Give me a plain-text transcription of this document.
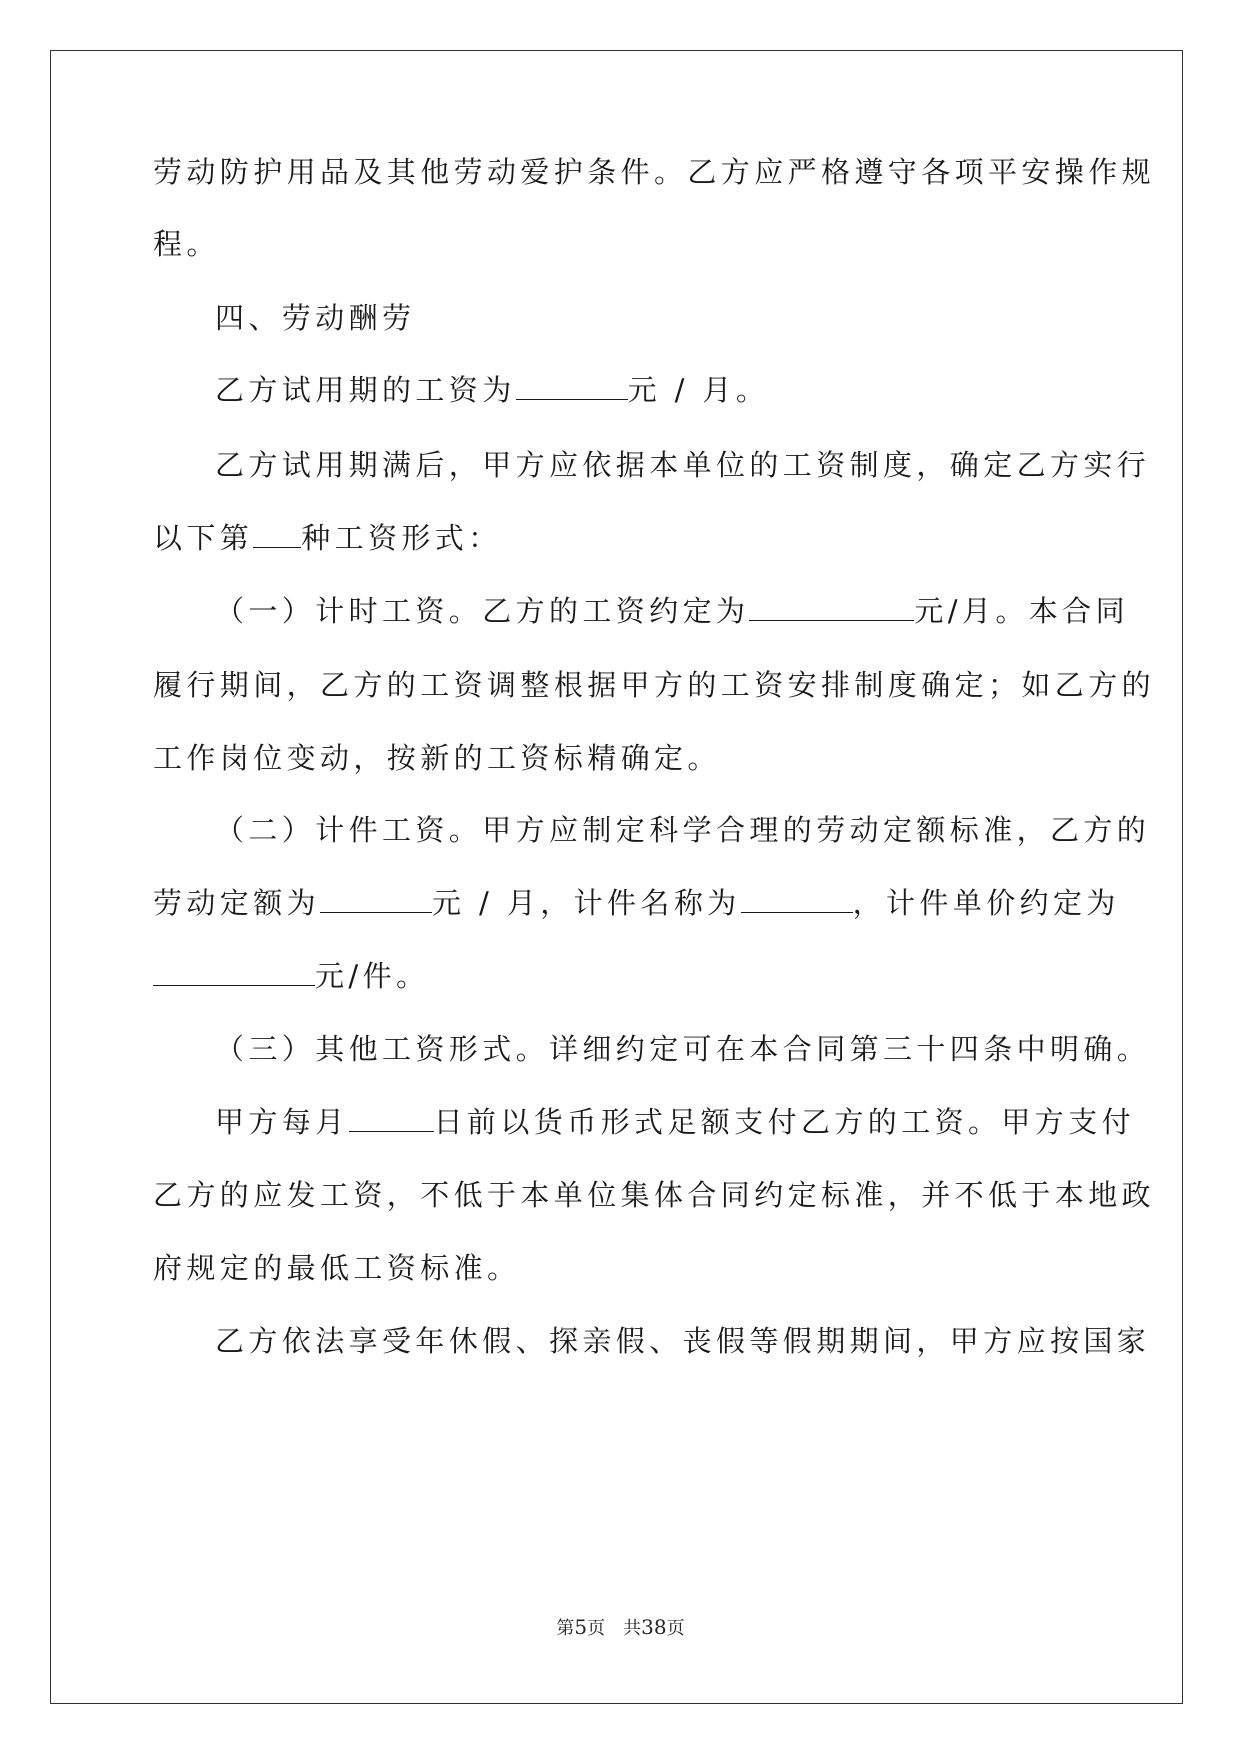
劳动防护用品及其他劳动爱护条件。乙方应严格遵守各项平安操作规
程。
四、劳动酬劳
乙方试用期的工资为	元 / 月。
乙方试用期满后，甲方应依据本单位的工资制度，确定乙方实行
以下第 种工资形式：
（一）计时工资。乙方的工资约定为	元/月。本合同
履行期间，乙方的工资调整根据甲方的工资安排制度确定；如乙方的
工作岗位变动，按新的工资标精确定。
（二）计件工资。甲方应制定科学合理的劳动定额标准，乙方的
劳动定额为	元 / 月，计件名称为	，计件单价约定为
元/件。
（三）其他工资形式。详细约定可在本合同第三十四条中明确。
甲方每月	日前以货币形式足额支付乙方的工资。甲方支付
乙方的应发工资，不低于本单位集体合同约定标准，并不低于本地政
府规定的最低工资标准。
乙方依法享受年休假、探亲假、丧假等假期期间，甲方应按国家
第5页　共38页
